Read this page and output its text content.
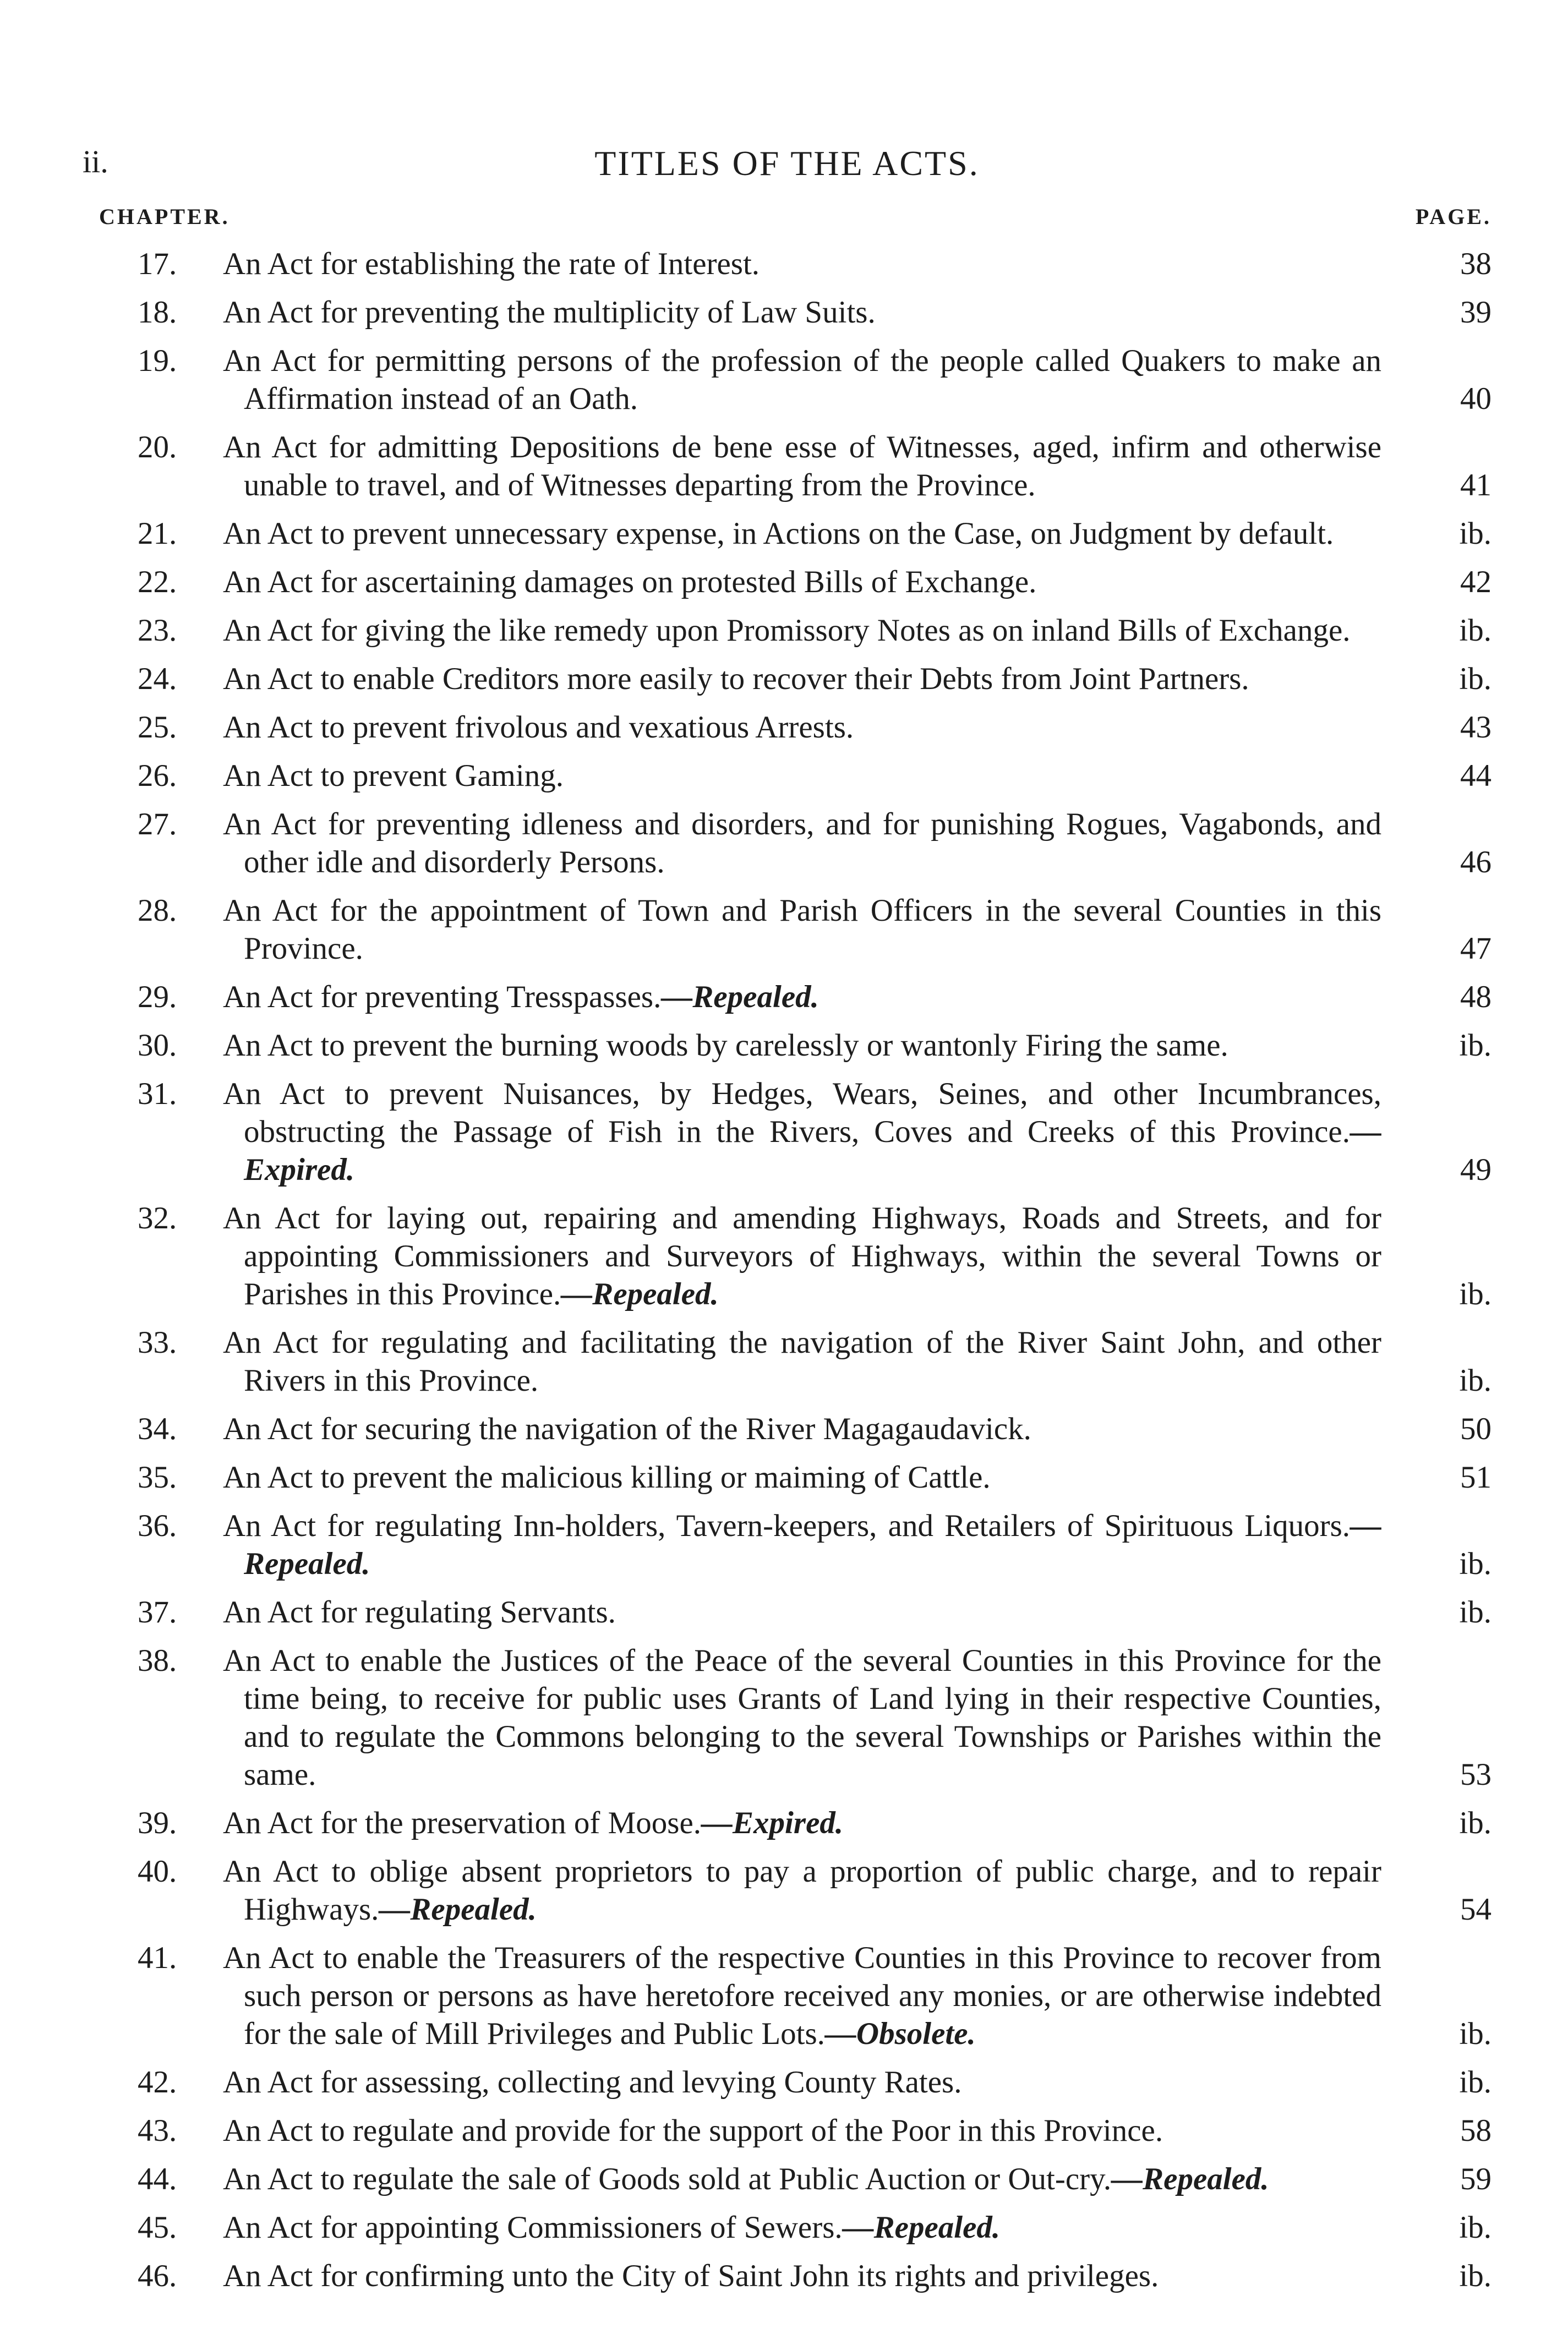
ii.	TITLES OF THE ACTS.
CHAPTER.	PAGE.
17.	An Act for establishing the rate of Interest.	38
18.	An Act for preventing the multiplicity of Law Suits.	39
19.	An Act for permitting persons of the profession of the people called Quakers to make an Affirmation instead of an Oath.	40
20.	An Act for admitting Depositions de bene esse of Witnesses, aged, infirm and otherwise unable to travel, and of Witnesses departing from the Province.	41
21.	An Act to prevent unnecessary expense, in Actions on the Case, on Judgment by default.	ib.
22.	An Act for ascertaining damages on protested Bills of Exchange.	42
23.	An Act for giving the like remedy upon Promissory Notes as on inland Bills of Exchange.	ib.
24.	An Act to enable Creditors more easily to recover their Debts from Joint Partners.	ib.
25.	An Act to prevent frivolous and vexatious Arrests.	43
26.	An Act to prevent Gaming.	44
27.	An Act for preventing idleness and disorders, and for punishing Rogues, Vagabonds, and other idle and disorderly Persons.	46
28.	An Act for the appointment of Town and Parish Officers in the several Counties in this Province.	47
29.	An Act for preventing Tresspasses.—Repealed.	48
30.	An Act to prevent the burning woods by carelessly or wantonly Firing the same.	ib.
31.	An Act to prevent Nuisances, by Hedges, Wears, Seines, and other Incumbrances, obstructing the Passage of Fish in the Rivers, Coves and Creeks of this Province.—Expired.	49
32.	An Act for laying out, repairing and amending Highways, Roads and Streets, and for appointing Commissioners and Surveyors of Highways, within the several Towns or Parishes in this Province.—Repealed.	ib.
33.	An Act for regulating and facilitating the navigation of the River Saint John, and other Rivers in this Province.	ib.
34.	An Act for securing the navigation of the River Magagaudavick.	50
35.	An Act to prevent the malicious killing or maiming of Cattle.	51
36.	An Act for regulating Inn-holders, Tavern-keepers, and Retailers of Spirituous Liquors.—Repealed.	ib.
37.	An Act for regulating Servants.	ib.
38.	An Act to enable the Justices of the Peace of the several Counties in this Province for the time being, to receive for public uses Grants of Land lying in their respective Counties, and to regulate the Commons belonging to the several Townships or Parishes within the same.	53
39.	An Act for the preservation of Moose.—Expired.	ib.
40.	An Act to oblige absent proprietors to pay a proportion of public charge, and to repair Highways.—Repealed.	54
41.	An Act to enable the Treasurers of the respective Counties in this Province to recover from such person or persons as have heretofore received any monies, or are otherwise indebted for the sale of Mill Privileges and Public Lots.—Obsolete.	ib.
42.	An Act for assessing, collecting and levying County Rates.	ib.
43.	An Act to regulate and provide for the support of the Poor in this Province.	58
44.	An Act to regulate the sale of Goods sold at Public Auction or Out-cry.—Repealed.	59
45.	An Act for appointing Commissioners of Sewers.—Repealed.	ib.
46.	An Act for confirming unto the City of Saint John its rights and privileges.	ib.
